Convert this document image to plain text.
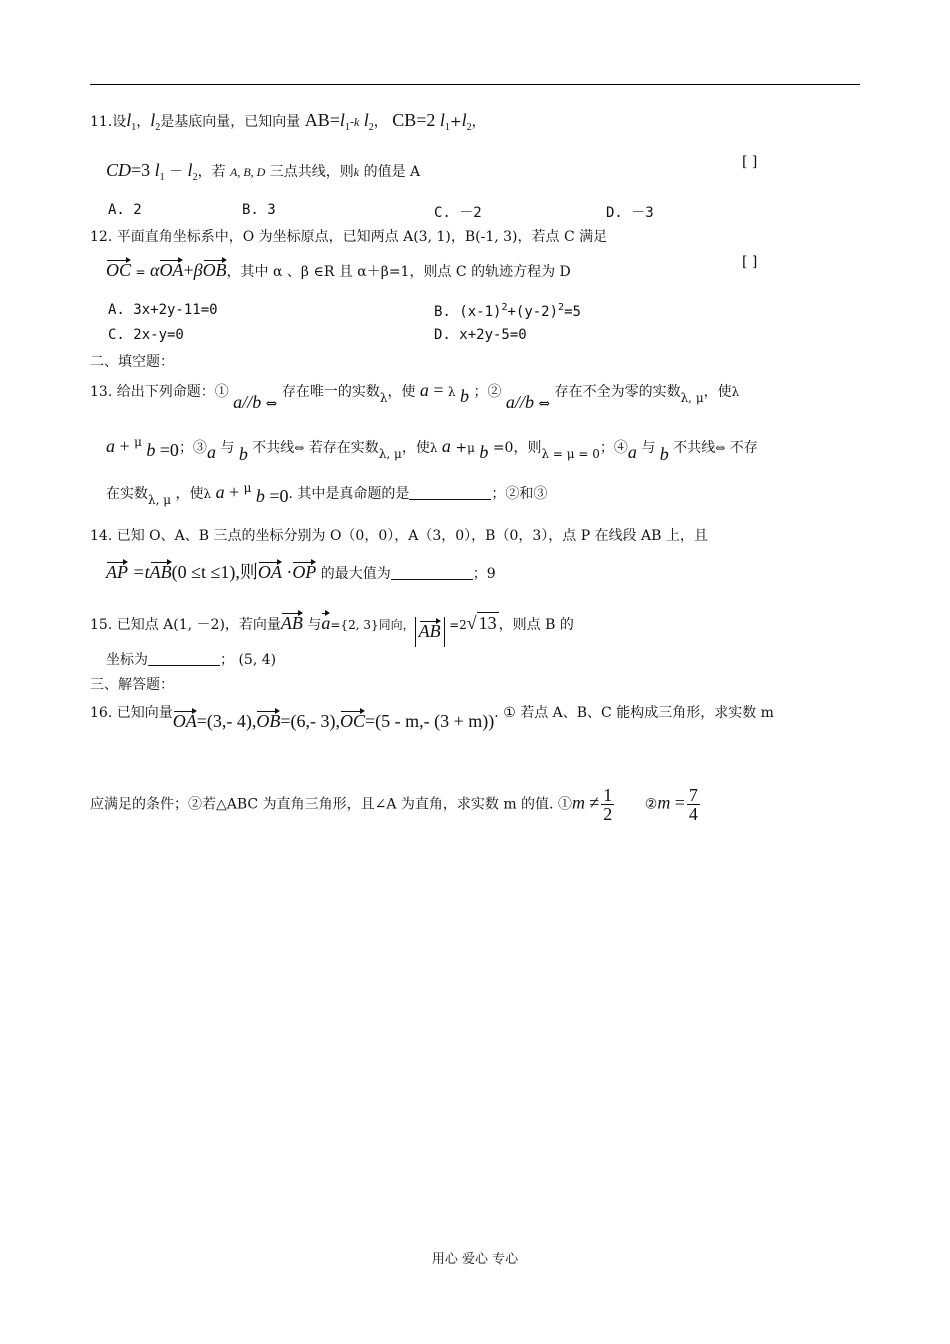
11.设$l_1$，$l_2$是基底向量，已知向量 $AB=l_1-k$ $l_2$， CB=2 $l_1+l_2$，
CD=3 $l_1 - l_2$，若 A, B, D 三点共线，则k 的值是 A
[ ]
A. 2	B. 3	C. －2	D. －3
12. 平面直角坐标系中，O 为坐标原点，已知两点 A(3, 1)，B(-1, 3)，若点 C 满足
OC = αOA+βOB，其中 α 、β ∈R 且 α＋β=1，则点 C 的轨迹方程为 D
[ ]
A. 3x+2y-11=0	B. $(x-1)^2+(y-2)^2=5$
C. 2x-y=0	D. x+2y-5=0
二、填空题：
13. 给出下列命题：① a//b ⇔ 存在唯一的实数λ，使 a = λ b ；② a//b ⇔ 存在不全为零的实数λ, μ，使λ
a + μ b =0；③a 与 b 不共线⇔ 若存在实数λ, μ，使λ a +μ b =0，则λ = μ = 0；④a 与 b 不共线⇔ 不存
在实数λ, μ ，使λ a + μ b =0. 其中是真命题的是	；②和③
14. 已知 O、A、B 三点的坐标分别为 O（0，0），A（3，0），B（0，3），点 P 在线段 AB 上，且
AP =tAB(0 ≤t ≤1),则OA ·OP 的最大值为	；9
15. 已知点 A(1, －2)，若向量AB 与a={2, 3}同向， AB =2√ 13 ，则点 B 的
坐标为	； (5, 4)
三、解答题：
16. 已知向量OA=(3,- 4),OB=(6,- 3),OC=(5 - m,- (3 + m)). ① 若点 A、B、C 能构成三角形，求实数 m
应满足的条件；②若△ABC 为直角三角形，且∠A 为直角，求实数 m 的值. ①m ≠ $\frac{1}{2}$ ②m = $\frac{7}{4}$
用心 爱心 专心
